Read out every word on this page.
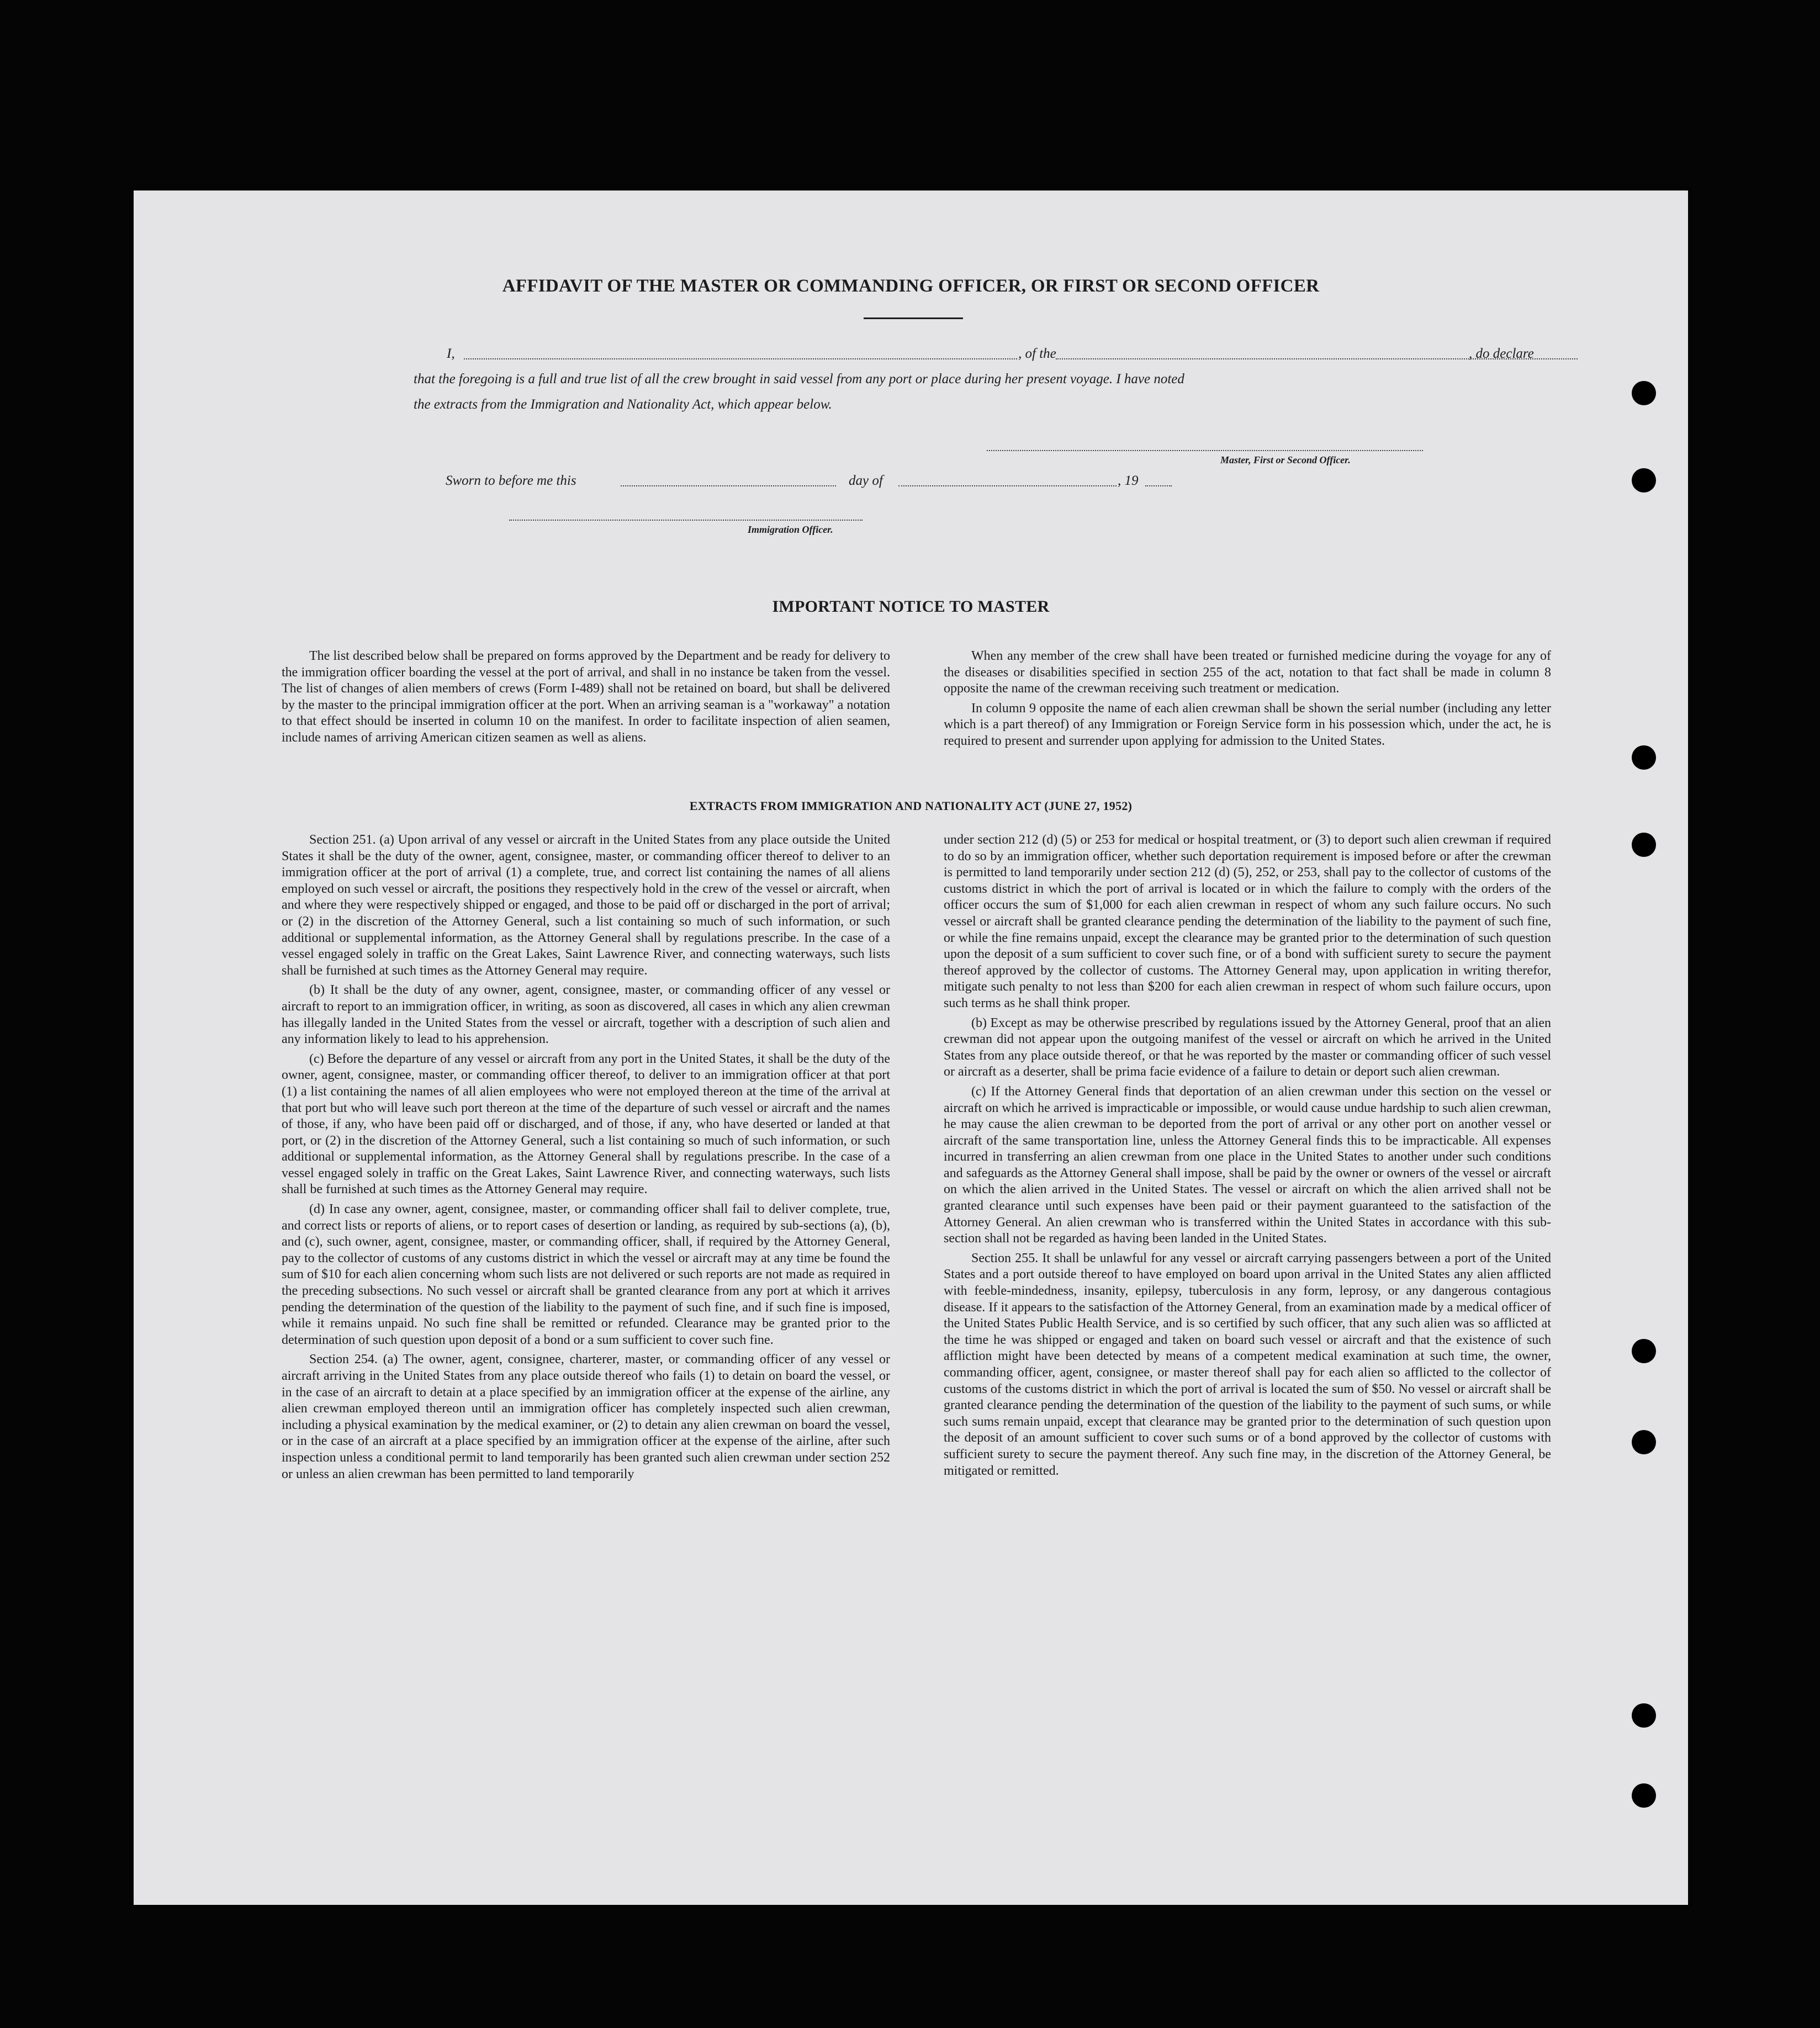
AFFIDAVIT OF THE MASTER OR COMMANDING OFFICER, OR FIRST OR SECOND OFFICER
I,	, of the	, do declare
that the foregoing is a full and true list of all the crew brought in said vessel from any port or place during her present voyage. I have noted
the extracts from the Immigration and Nationality Act, which appear below.
Master, First or Second Officer.
Sworn to before me this	day of	, 19
Immigration Officer.
IMPORTANT NOTICE TO MASTER

The list described below shall be prepared on forms approved by the Department and be ready for delivery to the immigration officer boarding the vessel at the port of arrival, and shall in no instance be taken from the vessel. The list of changes of alien members of crews (Form I-489) shall not be retained on board, but shall be delivered by the master to the principal immigration officer at the port. When an arriving seaman is a "workaway" a notation to that effect should be inserted in column 10 on the manifest. In order to facilitate inspection of alien seamen, include names of arriving American citizen seamen as well as aliens.

When any member of the crew shall have been treated or furnished medicine during the voyage for any of the diseases or disabilities specified in section 255 of the act, notation to that fact shall be made in column 8 opposite the name of the crewman receiving such treatment or medication.

In column 9 opposite the name of each alien crewman shall be shown the serial number (including any letter which is a part thereof) of any Immigration or Foreign Service form in his possession which, under the act, he is required to present and surrender upon applying for admission to the United States.

EXTRACTS FROM IMMIGRATION AND NATIONALITY ACT (JUNE 27, 1952)

Section 251. (a) Upon arrival of any vessel or aircraft in the United States from any place outside the United States it shall be the duty of the owner, agent, consignee, master, or commanding officer thereof to deliver to an immigration officer at the port of arrival (1) a complete, true, and correct list containing the names of all aliens employed on such vessel or aircraft, the positions they respectively hold in the crew of the vessel or aircraft, when and where they were respectively shipped or engaged, and those to be paid off or discharged in the port of arrival; or (2) in the discretion of the Attorney General, such a list containing so much of such information, or such additional or supplemental information, as the Attorney General shall by regulations prescribe. In the case of a vessel engaged solely in traffic on the Great Lakes, Saint Lawrence River, and connecting waterways, such lists shall be furnished at such times as the Attorney General may require.

(b) It shall be the duty of any owner, agent, consignee, master, or commanding officer of any vessel or aircraft to report to an immigration officer, in writing, as soon as discovered, all cases in which any alien crewman has illegally landed in the United States from the vessel or aircraft, together with a description of such alien and any information likely to lead to his apprehension.

(c) Before the departure of any vessel or aircraft from any port in the United States, it shall be the duty of the owner, agent, consignee, master, or commanding officer thereof, to deliver to an immigration officer at that port (1) a list containing the names of all alien employees who were not employed thereon at the time of the arrival at that port but who will leave such port thereon at the time of the departure of such vessel or aircraft and the names of those, if any, who have been paid off or discharged, and of those, if any, who have deserted or landed at that port, or (2) in the discretion of the Attorney General, such a list containing so much of such information, or such additional or supplemental information, as the Attorney General shall by regulations prescribe. In the case of a vessel engaged solely in traffic on the Great Lakes, Saint Lawrence River, and connecting waterways, such lists shall be furnished at such times as the Attorney General may require.

(d) In case any owner, agent, consignee, master, or commanding officer shall fail to deliver complete, true, and correct lists or reports of aliens, or to report cases of desertion or landing, as required by sub-sections (a), (b), and (c), such owner, agent, consignee, master, or commanding officer, shall, if required by the Attorney General, pay to the collector of customs of any customs district in which the vessel or aircraft may at any time be found the sum of $10 for each alien concerning whom such lists are not delivered or such reports are not made as required in the preceding subsections. No such vessel or aircraft shall be granted clearance from any port at which it arrives pending the determination of the question of the liability to the payment of such fine, and if such fine is imposed, while it remains unpaid. No such fine shall be remitted or refunded. Clearance may be granted prior to the determination of such question upon deposit of a bond or a sum sufficient to cover such fine.

Section 254. (a) The owner, agent, consignee, charterer, master, or commanding officer of any vessel or aircraft arriving in the United States from any place outside thereof who fails (1) to detain on board the vessel, or in the case of an aircraft to detain at a place specified by an immigration officer at the expense of the airline, any alien crewman employed thereon until an immigration officer has completely inspected such alien crewman, including a physical examination by the medical examiner, or (2) to detain any alien crewman on board the vessel, or in the case of an aircraft at a place specified by an immigration officer at the expense of the airline, after such inspection unless a conditional permit to land temporarily has been granted such alien crewman under section 252 or unless an alien crewman has been permitted to land temporarily

under section 212 (d) (5) or 253 for medical or hospital treatment, or (3) to deport such alien crewman if required to do so by an immigration officer, whether such deportation requirement is imposed before or after the crewman is permitted to land temporarily under section 212 (d) (5), 252, or 253, shall pay to the collector of customs of the customs district in which the port of arrival is located or in which the failure to comply with the orders of the officer occurs the sum of $1,000 for each alien crewman in respect of whom any such failure occurs. No such vessel or aircraft shall be granted clearance pending the determination of the liability to the payment of such fine, or while the fine remains unpaid, except the clearance may be granted prior to the determination of such question upon the deposit of a sum sufficient to cover such fine, or of a bond with sufficient surety to secure the payment thereof approved by the collector of customs. The Attorney General may, upon application in writing therefor, mitigate such penalty to not less than $200 for each alien crewman in respect of whom such failure occurs, upon such terms as he shall think proper.

(b) Except as may be otherwise prescribed by regulations issued by the Attorney General, proof that an alien crewman did not appear upon the outgoing manifest of the vessel or aircraft on which he arrived in the United States from any place outside thereof, or that he was reported by the master or commanding officer of such vessel or aircraft as a deserter, shall be prima facie evidence of a failure to detain or deport such alien crewman.

(c) If the Attorney General finds that deportation of an alien crewman under this section on the vessel or aircraft on which he arrived is impracticable or impossible, or would cause undue hardship to such alien crewman, he may cause the alien crewman to be deported from the port of arrival or any other port on another vessel or aircraft of the same transportation line, unless the Attorney General finds this to be impracticable. All expenses incurred in transferring an alien crewman from one place in the United States to another under such conditions and safeguards as the Attorney General shall impose, shall be paid by the owner or owners of the vessel or aircraft on which the alien arrived in the United States. The vessel or aircraft on which the alien arrived shall not be granted clearance until such expenses have been paid or their payment guaranteed to the satisfaction of the Attorney General. An alien crewman who is transferred within the United States in accordance with this sub-section shall not be regarded as having been landed in the United States.

Section 255. It shall be unlawful for any vessel or aircraft carrying passengers between a port of the United States and a port outside thereof to have employed on board upon arrival in the United States any alien afflicted with feeble-mindedness, insanity, epilepsy, tuberculosis in any form, leprosy, or any dangerous contagious disease. If it appears to the satisfaction of the Attorney General, from an examination made by a medical officer of the United States Public Health Service, and is so certified by such officer, that any such alien was so afflicted at the time he was shipped or engaged and taken on board such vessel or aircraft and that the existence of such affliction might have been detected by means of a competent medical examination at such time, the owner, commanding officer, agent, consignee, or master thereof shall pay for each alien so afflicted to the collector of customs of the customs district in which the port of arrival is located the sum of $50. No vessel or aircraft shall be granted clearance pending the determination of the question of the liability to the payment of such sums, or while such sums remain unpaid, except that clearance may be granted prior to the determination of such question upon the deposit of an amount sufficient to cover such sums or of a bond approved by the collector of customs with sufficient surety to secure the payment thereof. Any such fine may, in the discretion of the Attorney General, be mitigated or remitted.
